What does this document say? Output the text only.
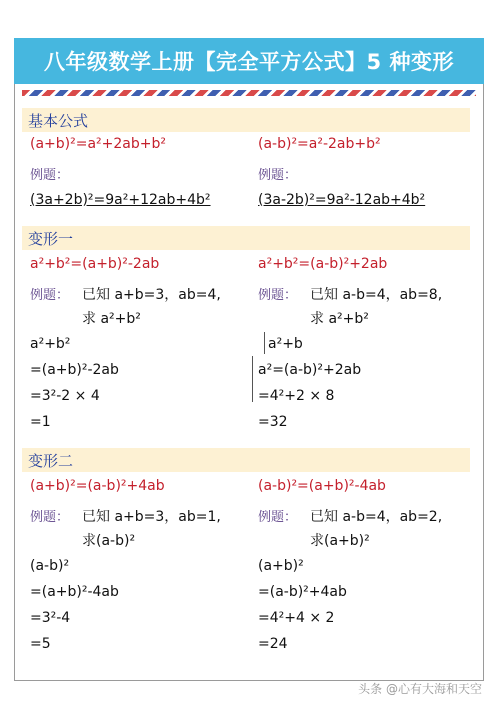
八年级数学上册【完全平方公式】5 种变形
基本公式
(a+b)²=a²+2ab+b²
例题：
(3a+2b)²=9a²+12ab+4b²
(a-b)²=a²-2ab+b²
例题：
(3a-2b)²=9a²-12ab+4b²
变形一
a²+b²=(a+b)²-2ab
例题： 已知 a+b=3，ab=4,
求 a²+b²
a²+b²
=(a+b)²-2ab
=3²-2 × 4
=1
a²+b²=(a-b)²+2ab
例题： 已知 a-b=4，ab=8,
求 a²+b²
a²+b
a²=(a-b)²+2ab
=4²+2 × 8
=32
变形二
(a+b)²=(a-b)²+4ab
例题： 已知 a+b=3，ab=1,
求(a-b)²
(a-b)²
=(a+b)²-4ab
=3²-4
=5
(a-b)²=(a+b)²-4ab
例题： 已知 a-b=4，ab=2,
求(a+b)²
(a+b)²
=(a-b)²+4ab
=4²+4 × 2
=24
头条 @心有大海和天空
